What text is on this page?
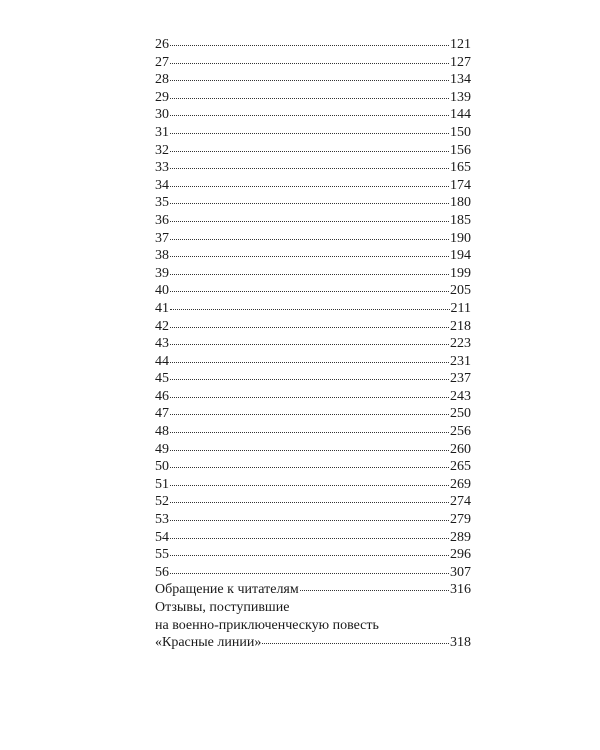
26	121
27	127
28	134
29	139
30	144
31	150
32	156
33	165
34	174
35	180
36	185
37	190
38	194
39	199
40	205
41	211
42	218
43	223
44	231
45	237
46	243
47	250
48	256
49	260
50	265
51	269
52	274
53	279
54	289
55	296
56	307
Обращение к читателям	316
Отзывы, поступившие
на военно-приключенческую повесть
«Красные линии»	318
